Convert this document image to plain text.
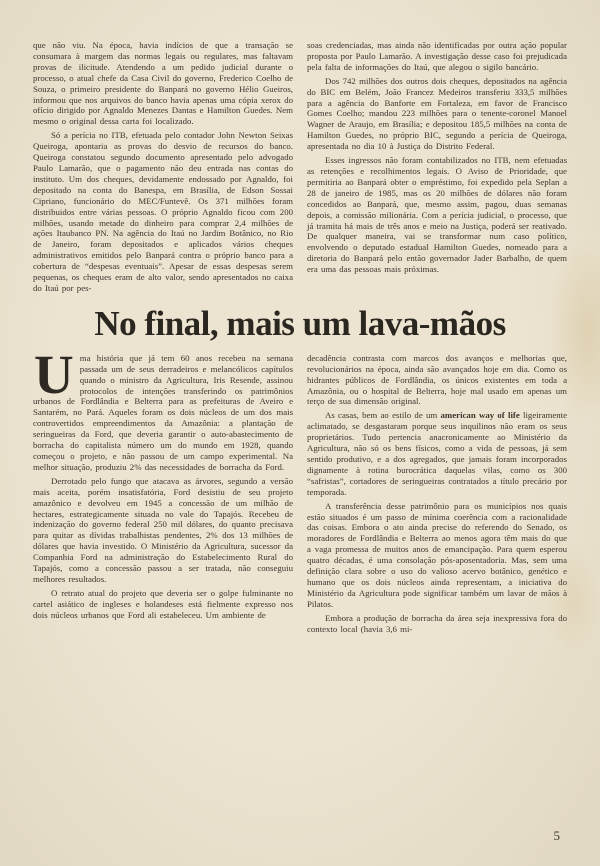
que não viu. Na época, havia indícios de que a transação se consumara à margem das normas legais ou regulares, mas faltavam provas de ilicitude. Atendendo a um pedido judicial durante o processo, o atual chefe da Casa Civil do governo, Frederico Coelho de Souza, o primeiro presidente do Banpará no governo Hélio Gueiros, informou que nos arquivos do banco havia apenas uma cópia xerox do ofício dirigido por Agnaldo Menezes Dantas e Hamilton Guedes. Nem mesmo o original dessa carta foi localizado.

Só a perícia no ITB, efetuada pelo contador John Newton Seixas Queiroga, apontaria as provas do desvio de recursos do banco. Queiroga constatou segundo documento apresentado pelo advogado Paulo Lamarão, que o pagamento não deu entrada nas contas do instituto. Um dos cheques, devidamente endossado por Agnaldo, foi depositado na conta do Banespa, em Brasília, de Edson Sossai Cipriano, funcionário do MEC/Funtevê. Os 371 milhões foram distribuidos entre várias pessoas. O próprio Agnaldo ficou com 200 milhões, usando metade do dinheiro para comprar 2,4 milhões de ações Itaubanco PN. Na agência do Itaú no Jardim Botânico, no Rio de Janeiro, foram depositados e aplicados vários cheques administrativos emitidos pelo Banpará contra o próprio banco para a cobertura de “despesas eventuais”. Apesar de essas despesas serem pequenas, os cheques eram de alto valor, sendo apresentados no caixa do Itaú por pes-

soas credenciadas, mas ainda não identificadas por outra ação popular proposta por Paulo Lamarão. A investigação desse caso foi prejudicada pela falta de informações do Itaú, que alegou o sigilo bancário.

Dos 742 milhões dos outros dois cheques, depositados na agência do BIC em Belém, João Francez Medeiros transferiu 333,5 milhões para a agência do Banforte em Fortaleza, em favor de Francisco Gomes Coelho; mandou 223 milhões para o tenente-coronel Manoel Wagner de Araujo, em Brasília; e depositou 185,5 milhões na conta de Hamilton Guedes, no próprio BIC, segundo a perícia de Queiroga, apresentada no dia 10 à Justiça do Distrito Federal.

Esses ingressos não foram contabilizados no ITB, nem efetuadas as retenções e recolhimentos legais. O Aviso de Prioridade, que permitiria ao Banpará obter o empréstimo, foi expedido pela Seplan a 28 de janeiro de 1985, mas os 20 milhões de dólares não foram concedidos ao Banpará, que, mesmo assim, pagou, duas semanas depois, a comissão milionária. Com a perícia judicial, o processo, que já tramita há mais de três anos e meio na Justiça, poderá ser reativado. De qualquer maneira, vai se transformar num caso político, envolvendo o deputado estadual Hamilton Guedes, nomeado para a diretoria do Banpará pelo então governador Jader Barbalho, de quem era uma das pessoas mais próximas.

No final, mais um lava-mãos

Uma história que já tem 60 anos recebeu na semana passada um de seus derradeiros e melancólicos capítulos quando o ministro da Agricultura, Iris Resende, assinou protocolos de intenções transferindo os patrimônios urbanos de Fordlândia e Belterra para as prefeituras de Aveiro e Santarém, no Pará. Aqueles foram os dois núcleos de um dos mais controvertidos empreendimentos da Amazônia: a plantação de seringueiras da Ford, que deveria garantir o auto-abastecimento de borracha do capitalista número um do mundo em 1928, quando começou o projeto, e não passou de um campo experimental. Na melhor situação, produziu 2% das necessidades de borracha da Ford.

Derrotado pelo fungo que atacava as árvores, segundo a versão mais aceita, porém insatisfatória, Ford desistiu de seu projeto amazônico e devolveu em 1945 a concessão de um milhão de hectares, estrategicamente situada no vale do Tapajós. Recebeu de indenização do governo federal 250 mil dólares, do quanto precisava para quitar as dívidas trabalhistas pendentes, 2% dos 13 milhões de dólares que havia investido. O Ministério da Agricultura, sucessor da Companhia Ford na administração do Estabelecimento Rural do Tapajós, como a concessão passou a ser tratada, não conseguiu melhores resultados.

O retrato atual do projeto que deveria ser o golpe fulminante no cartel asiático de ingleses e holandeses está fielmente expresso nos dois núcleos urbanos que Ford ali estabeleceu. Um ambiente de

decadência contrasta com marcos dos avanços e melhorias que, revolucionários na época, ainda são avançados hoje em dia. Como os hidrantes públicos de Fordlândia, os únicos existentes em toda a Amazônia, ou o hospital de Belterra, hoje mal usado em apenas um terço de sua dimensão original.

As casas, bem ao estilo de um american way of life ligeiramente aclimatado, se desgastaram porque seus inquilinos não eram os seus proprietários. Tudo pertencia anacronicamente ao Ministério da Agricultura, não só os bens físicos, como a vida de pessoas, já sem sentido produtivo, e a dos agregados, que jamais foram incorporados dignamente à rotina burocrática daquelas vilas, como os 300 “safristas”, cortadores de seringueiras contratados a título precário por temporada.

A transferência desse patrimônio para os municípios nos quais estão situados é um passo de mínima coerência com a racionalidade das coisas. Embora o ato ainda precise do referendo do Senado, os moradores de Fordlândia e Belterra ao menos agora têm mais do que a vaga promessa de muitos anos de emancipação. Para quem esperou quatro décadas, é uma consolação pós-aposentadoria. Mas, sem uma definição clara sobre o uso do valioso acervo botânico, genético e humano que os dois núcleos ainda representam, a iniciativa do Ministério da Agricultura pode significar também um lavar de mãos à Pilatos.

Embora a produção de borracha da área seja inexpressiva fora do contexto local (havia 3,6 mi-

5
